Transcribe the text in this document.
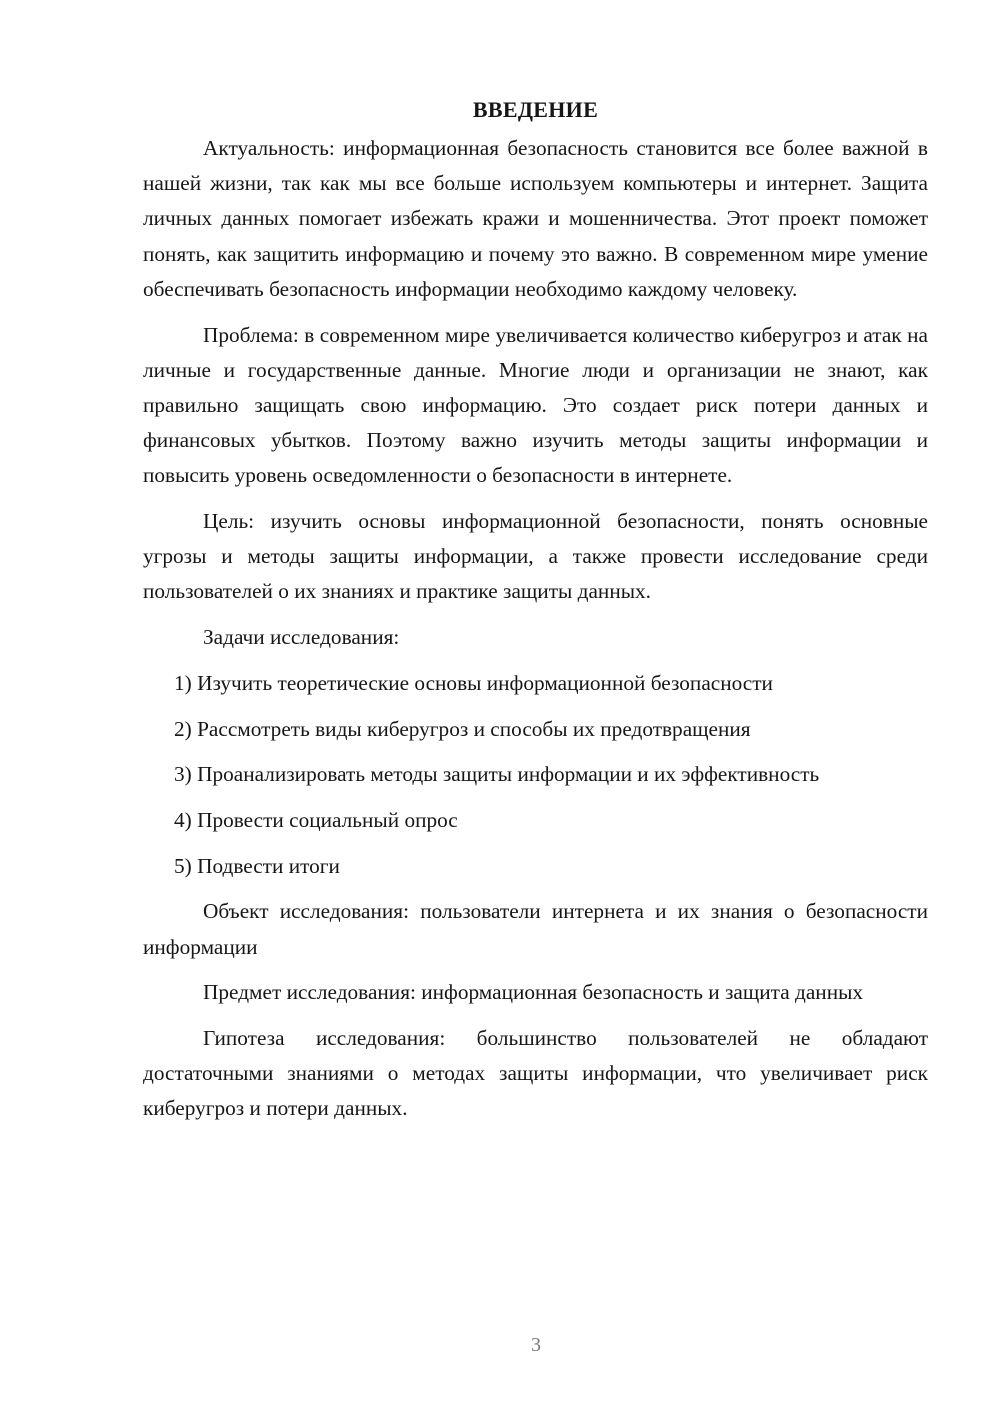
ВВЕДЕНИЕ

Актуальность: информационная безопасность становится все более важной в нашей жизни, так как мы все больше используем компьютеры и интернет. Защита личных данных помогает избежать кражи и мошенничества. Этот проект поможет понять, как защитить информацию и почему это важно. В современном мире умение обеспечивать безопасность информации необходимо каждому человеку.

Проблема: в современном мире увеличивается количество киберугроз и атак на личные и государственные данные. Многие люди и организации не знают, как правильно защищать свою информацию. Это создает риск потери данных и финансовых убытков. Поэтому важно изучить методы защиты информации и повысить уровень осведомленности о безопасности в интернете.

Цель: изучить основы информационной безопасности, понять основные угрозы и методы защиты информации, а также провести исследование среди пользователей о их знаниях и практике защиты данных.

Задачи исследования:

1) Изучить теоретические основы информационной безопасности

2) Рассмотреть виды киберугроз и способы их предотвращения

3) Проанализировать методы защиты информации и их эффективность

4) Провести социальный опрос

5) Подвести итоги

Объект исследования: пользователи интернета и их знания о безопасности информации

Предмет исследования: информационная безопасность и защита данных

Гипотеза исследования: большинство пользователей не обладают достаточными знаниями о методах защиты информации, что увеличивает риск киберугроз и потери данных.

3
